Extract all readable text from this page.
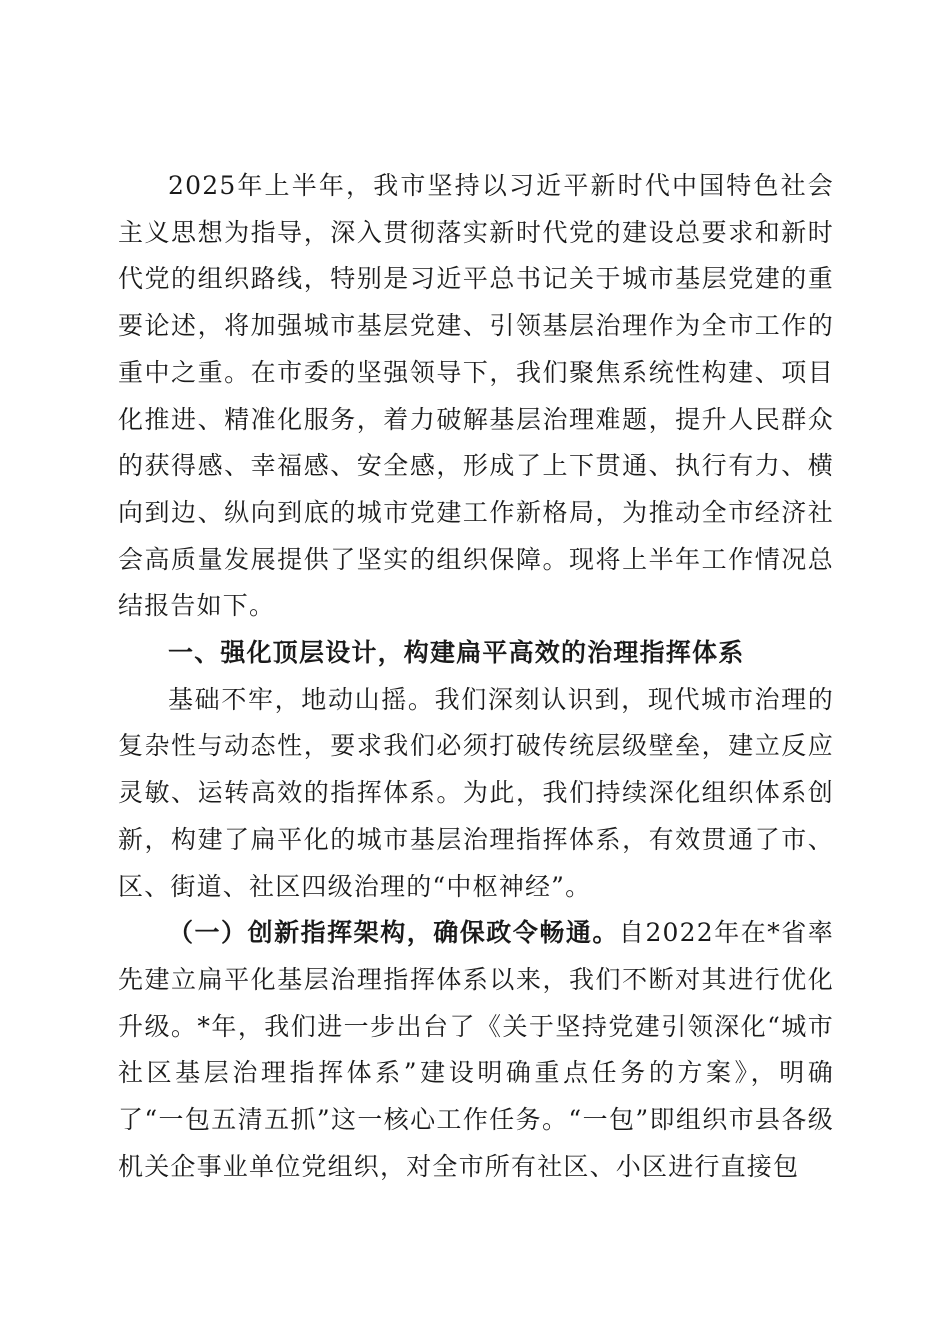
2025年上半年，我市坚持以习近平新时代中国特色社会主义思想为指导，深入贯彻落实新时代党的建设总要求和新时代党的组织路线，特别是习近平总书记关于城市基层党建的重要论述，将加强城市基层党建、引领基层治理作为全市工作的重中之重。在市委的坚强领导下，我们聚焦系统性构建、项目化推进、精准化服务，着力破解基层治理难题，提升人民群众的获得感、幸福感、安全感，形成了上下贯通、执行有力、横向到边、纵向到底的城市党建工作新格局，为推动全市经济社会高质量发展提供了坚实的组织保障。现将上半年工作情况总结报告如下。

一、强化顶层设计，构建扁平高效的治理指挥体系

基础不牢，地动山摇。我们深刻认识到，现代城市治理的复杂性与动态性，要求我们必须打破传统层级壁垒，建立反应灵敏、运转高效的指挥体系。为此，我们持续深化组织体系创新，构建了扁平化的城市基层治理指挥体系，有效贯通了市、区、街道、社区四级治理的“中枢神经”。

（一）创新指挥架构，确保政令畅通。自2022年在*省率先建立扁平化基层治理指挥体系以来，我们不断对其进行优化升级。*年，我们进一步出台了《关于坚持党建引领深化“城市社区基层治理指挥体系”建设明确重点任务的方案》，明确了“一包五清五抓”这一核心工作任务。“一包”即组织市县各级机关企事业单位党组织，对全市所有社区、小区进行直接包
